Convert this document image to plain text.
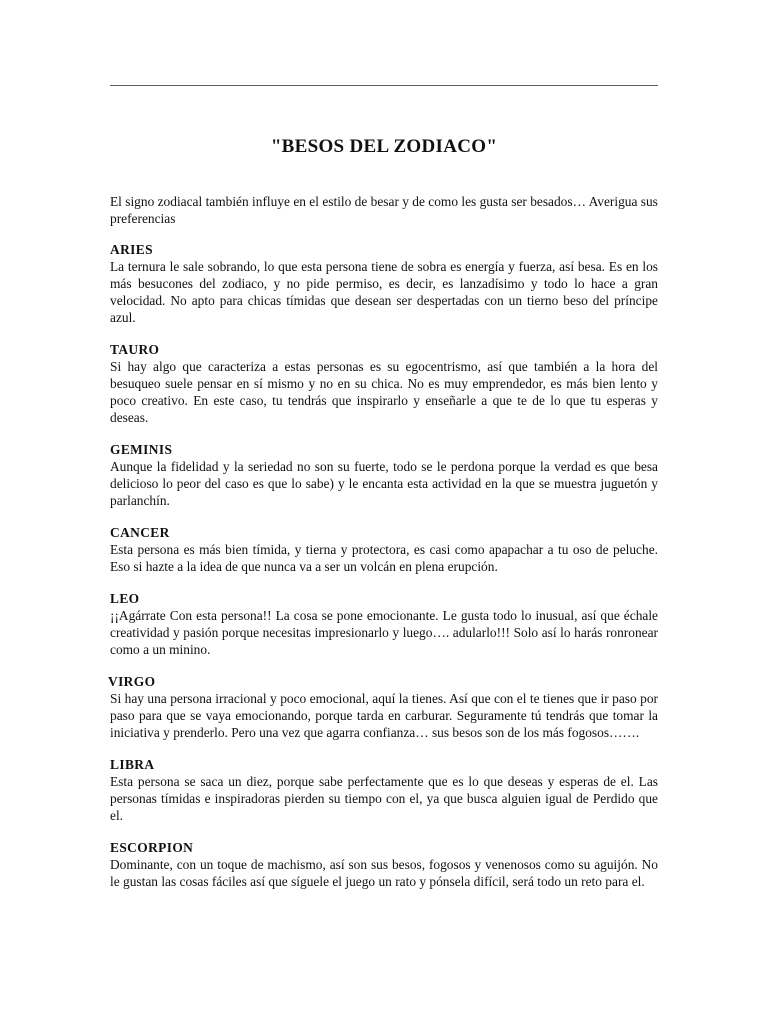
"BESOS DEL ZODIACO"

El signo zodiacal también influye en el estilo de besar y de como les gusta ser besados… Averigua sus preferencias

ARIES

La ternura le sale sobrando, lo que esta persona tiene de sobra es energía y fuerza, así besa. Es en los más besucones del zodiaco, y no pide permiso, es decir, es lanzadísimo y todo lo hace a gran velocidad. No apto para chicas tímidas que desean ser despertadas con un tierno beso del príncipe azul.

TAURO

Si hay algo que caracteriza a estas personas es su egocentrismo, así que también a la hora del besuqueo suele pensar en sí mismo y no en su chica. No es muy emprendedor, es más bien lento y poco creativo. En este caso, tu tendrás que inspirarlo y enseñarle a que te de lo que tu esperas y deseas.

GEMINIS

Aunque la fidelidad y la seriedad no son su fuerte, todo se le perdona porque la verdad es que besa delicioso lo peor del caso es que lo sabe) y le encanta esta actividad en la que se muestra juguetón y parlanchín.

CANCER

Esta persona es más bien tímida, y tierna y protectora, es casi como apapachar a tu oso de peluche. Eso si hazte a la idea de que nunca va a ser un volcán en plena erupción.

LEO

¡¡Agárrate Con esta persona!! La cosa se pone emocionante. Le gusta todo lo inusual, así que échale creatividad y pasión porque necesitas impresionarlo y luego…. adularlo!!! Solo así lo harás ronronear como a un minino.

VIRGO

Si hay una persona irracional y poco emocional, aquí la tienes. Así que con el te tienes que ir paso por paso para que se vaya emocionando, porque tarda en carburar. Seguramente tú tendrás que tomar la iniciativa y prenderlo. Pero una vez que agarra confianza… sus besos son de los más fogosos…….

LIBRA

Esta persona se saca un diez, porque sabe perfectamente que es lo que deseas y esperas de el. Las personas tímidas e inspiradoras pierden su tiempo con el, ya que busca alguien igual de Perdido que el.

ESCORPION

Dominante, con un toque de machismo, así son sus besos, fogosos y venenosos como su aguijón. No le gustan las cosas fáciles así que síguele el juego un rato y pónsela difícil, será todo un reto para el.
